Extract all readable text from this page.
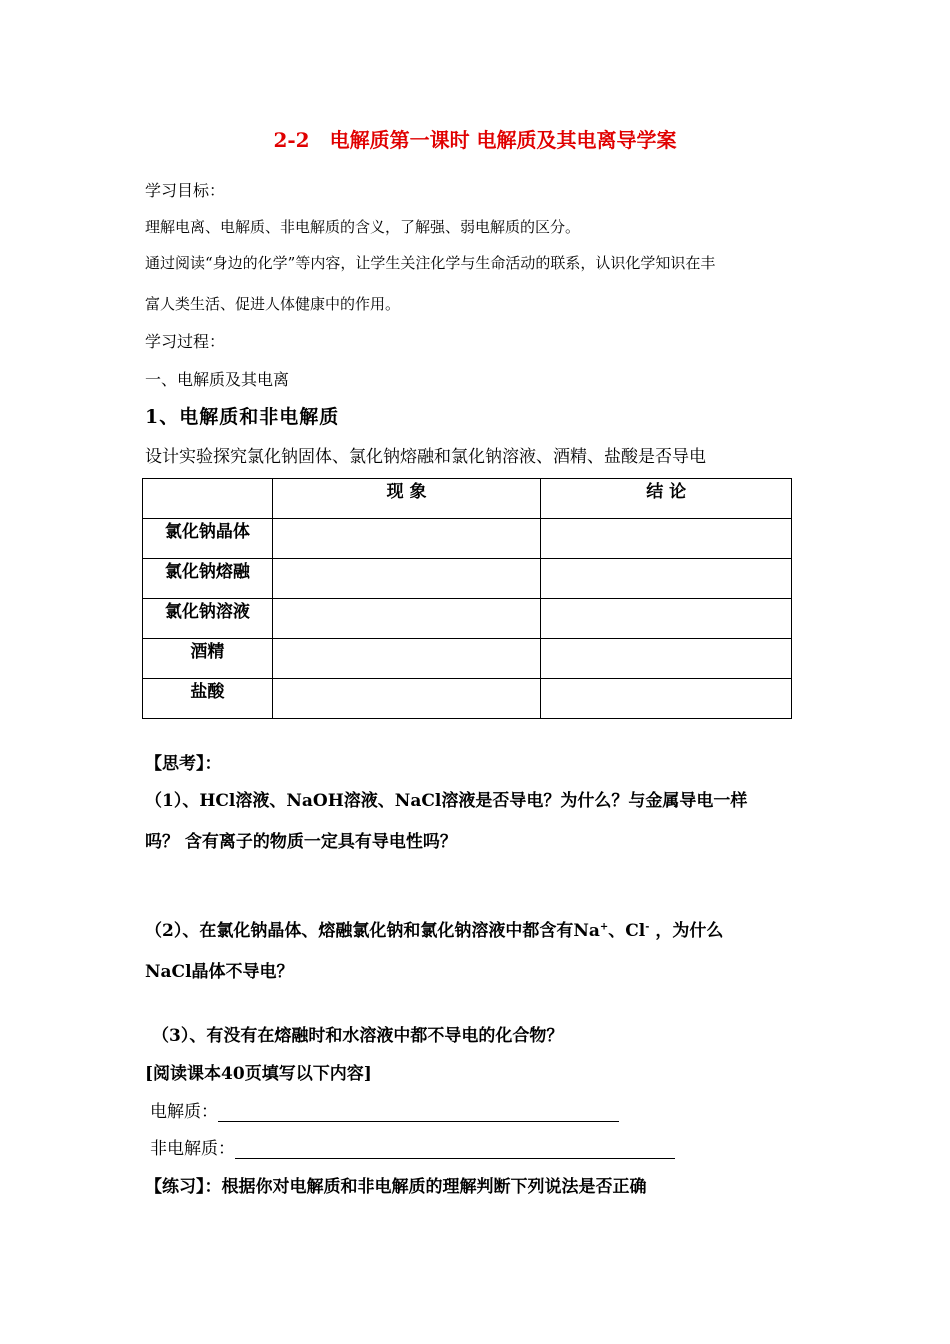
2-2　电解质第一课时 电解质及其电离导学案
学习目标：
理解电离、电解质、非电解质的含义，了解强、弱电解质的区分。
通过阅读“身边的化学”等内容，让学生关注化学与生命活动的联系，认识化学知识在丰
富人类生活、促进人体健康中的作用。
学习过程：
一、电解质及其电离
1、电解质和非电解质
设计实验探究氯化钠固体、氯化钠熔融和氯化钠溶液、酒精、盐酸是否导电
	现 象	结 论
氯化钠晶体		
氯化钠熔融		
氯化钠溶液		
酒精		
盐酸		
【思考】：
（1）、HCl溶液、NaOH溶液、NaCl溶液是否导电？为什么？与金属导电一样
吗？ 含有离子的物质一定具有导电性吗？
（2）、在氯化钠晶体、熔融氯化钠和氯化钠溶液中都含有Na+、Cl- ，为什么
NaCl晶体不导电？
（3）、有没有在熔融时和水溶液中都不导电的化合物？
[阅读课本40页填写以下内容]
电解质：
非电解质：
【练习】：根据你对电解质和非电解质的理解判断下列说法是否正确
